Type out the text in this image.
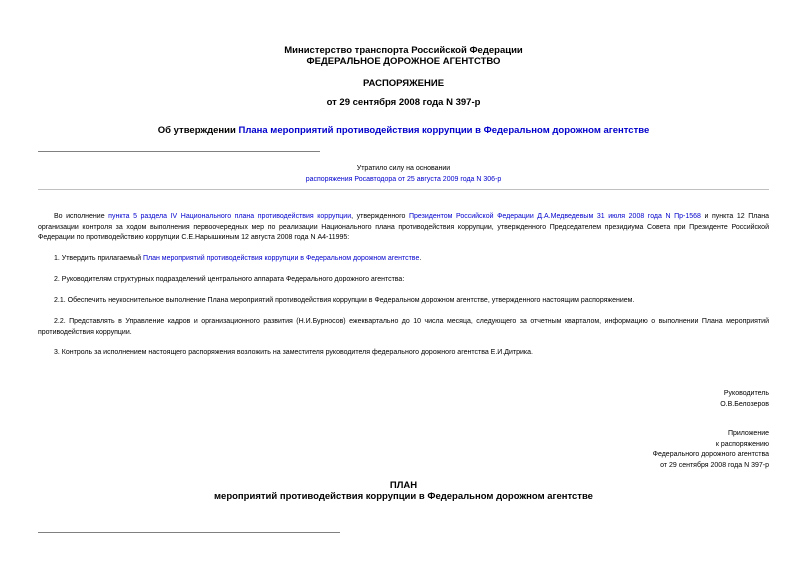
Министерство транспорта Российской Федерации
ФЕДЕРАЛЬНОЕ ДОРОЖНОЕ АГЕНТСТВО
РАСПОРЯЖЕНИЕ
от 29 сентября 2008 года N 397-р
Об утверждении Плана мероприятий противодействия коррупции в Федеральном дорожном агентстве
Утратило силу на основании
распоряжения Росавтодора от 25 августа 2009 года N 306-р
Во исполнение пункта 5 раздела IV Национального плана противодействия коррупции, утвержденного Президентом Российской Федерации Д.А.Медведевым 31 июля 2008 года N Пр-1568 и пункта 12 Плана организации контроля за ходом выполнения первоочередных мер по реализации Национального плана противодействия коррупции, утвержденного Председателем президиума Совета при Президенте Российской Федерации по противодействию коррупции С.Е.Нарышкиным 12 августа 2008 года N А4-11995:
1. Утвердить прилагаемый План мероприятий противодействия коррупции в Федеральном дорожном агентстве.
2. Руководителям структурных подразделений центрального аппарата Федерального дорожного агентства:
2.1. Обеспечить неукоснительное выполнение Плана мероприятий противодействия коррупции в Федеральном дорожном агентстве, утвержденного настоящим распоряжением.
2.2. Представлять в Управление кадров и организационного развития (Н.И.Бурносов) ежеквартально до 10 числа месяца, следующего за отчетным кварталом, информацию о выполнении Плана мероприятий противодействия коррупции.
3. Контроль за исполнением настоящего распоряжения возложить на заместителя руководителя федерального дорожного агентства Е.И.Дитрика.
Руководитель
О.В.Белозеров
Приложение
к распоряжению
Федерального дорожного агентства
от 29 сентября 2008 года N 397-р
ПЛАН
мероприятий противодействия коррупции в Федеральном дорожном агентстве
